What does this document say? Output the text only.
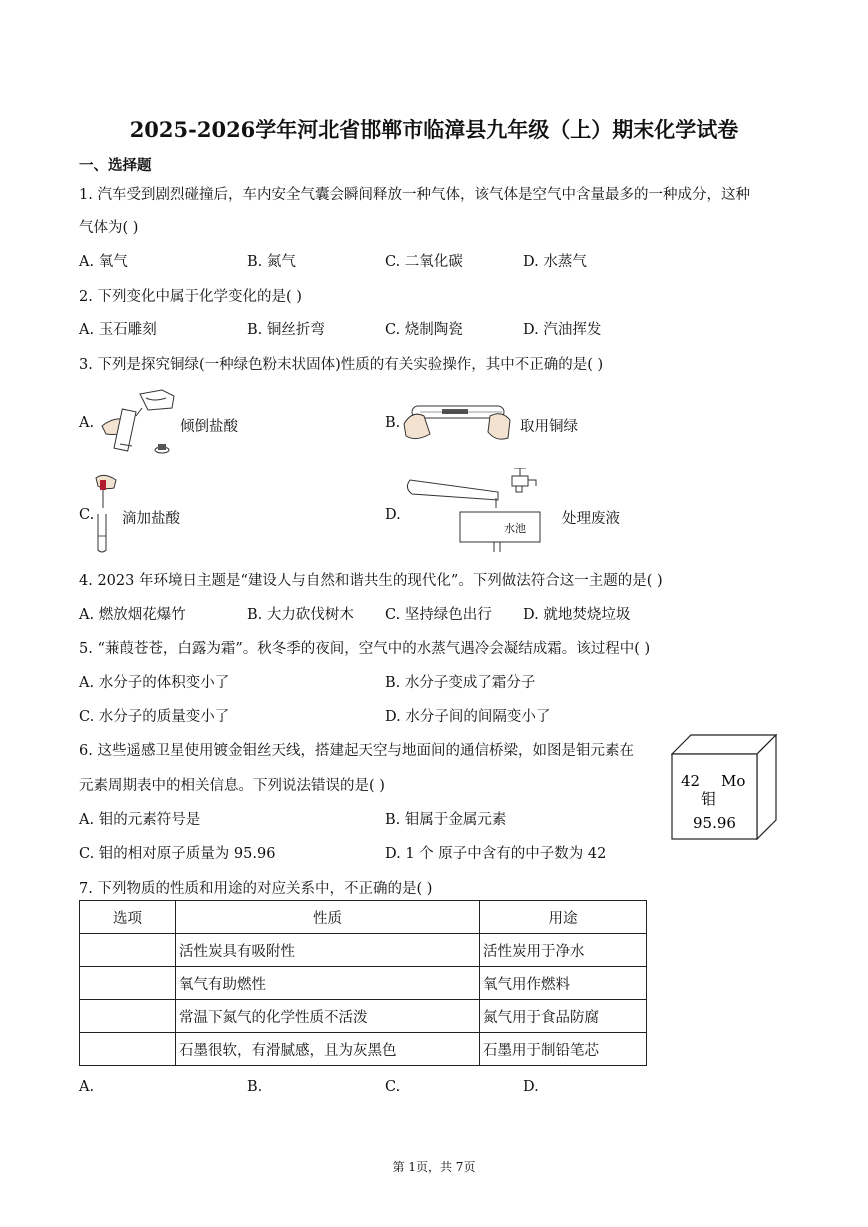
2025-2026学年河北省邯郸市临漳县九年级（上）期末化学试卷
一、选择题
1. 汽车受到剧烈碰撞后，车内安全气囊会瞬间释放一种气体，该气体是空气中含量最多的一种成分，这种
气体为( )
A. 氧气	B. 氮气	C. 二氧化碳	D. 水蒸气
2. 下列变化中属于化学变化的是( )
A. 玉石雕刻	B. 铜丝折弯	C. 烧制陶瓷	D. 汽油挥发
3. 下列是探究铜绿(一种绿色粉末状固体)性质的有关实验操作，其中不正确的是( )
A.	倾倒盐酸	B.	取用铜绿
C. 滴加盐酸	D.
水池
处理废液
4. 2023 年环境日主题是“建设人与自然和谐共生的现代化”。下列做法符合这一主题的是( )
A. 燃放烟花爆竹	B. 大力砍伐树木 C. 坚持绿色出行 D. 就地焚烧垃圾
5. “蒹葭苍苍，白露为霜”。秋冬季的夜间，空气中的水蒸气遇冷会凝结成霜。该过程中( )
A. 水分子的体积变小了	B. 水分子变成了霜分子
C. 水分子的质量变小了	D. 水分子间的间隔变小了
6. 这些遥感卫星使用镀金钼丝天线，搭建起天空与地面间的通信桥梁，如图是钼元素在
元素周期表中的相关信息。下列说法错误的是( )
A. 钼的元素符号是	B. 钼属于金属元素
C. 钼的相对原子质量为 95.96	D. 1 个 原子中含有的中子数为 42
42 Mo
钼
95.96
7. 下列物质的性质和用途的对应关系中，不正确的是( )
选项	性质	用途
	活性炭具有吸附性	活性炭用于净水
	氧气有助燃性	氧气用作燃料
	常温下氮气的化学性质不活泼	氮气用于食品防腐
	石墨很软，有滑腻感，且为灰黑色	石墨用于制铅笔芯
A.	B.	C.	D.
第 1页，共 7页
